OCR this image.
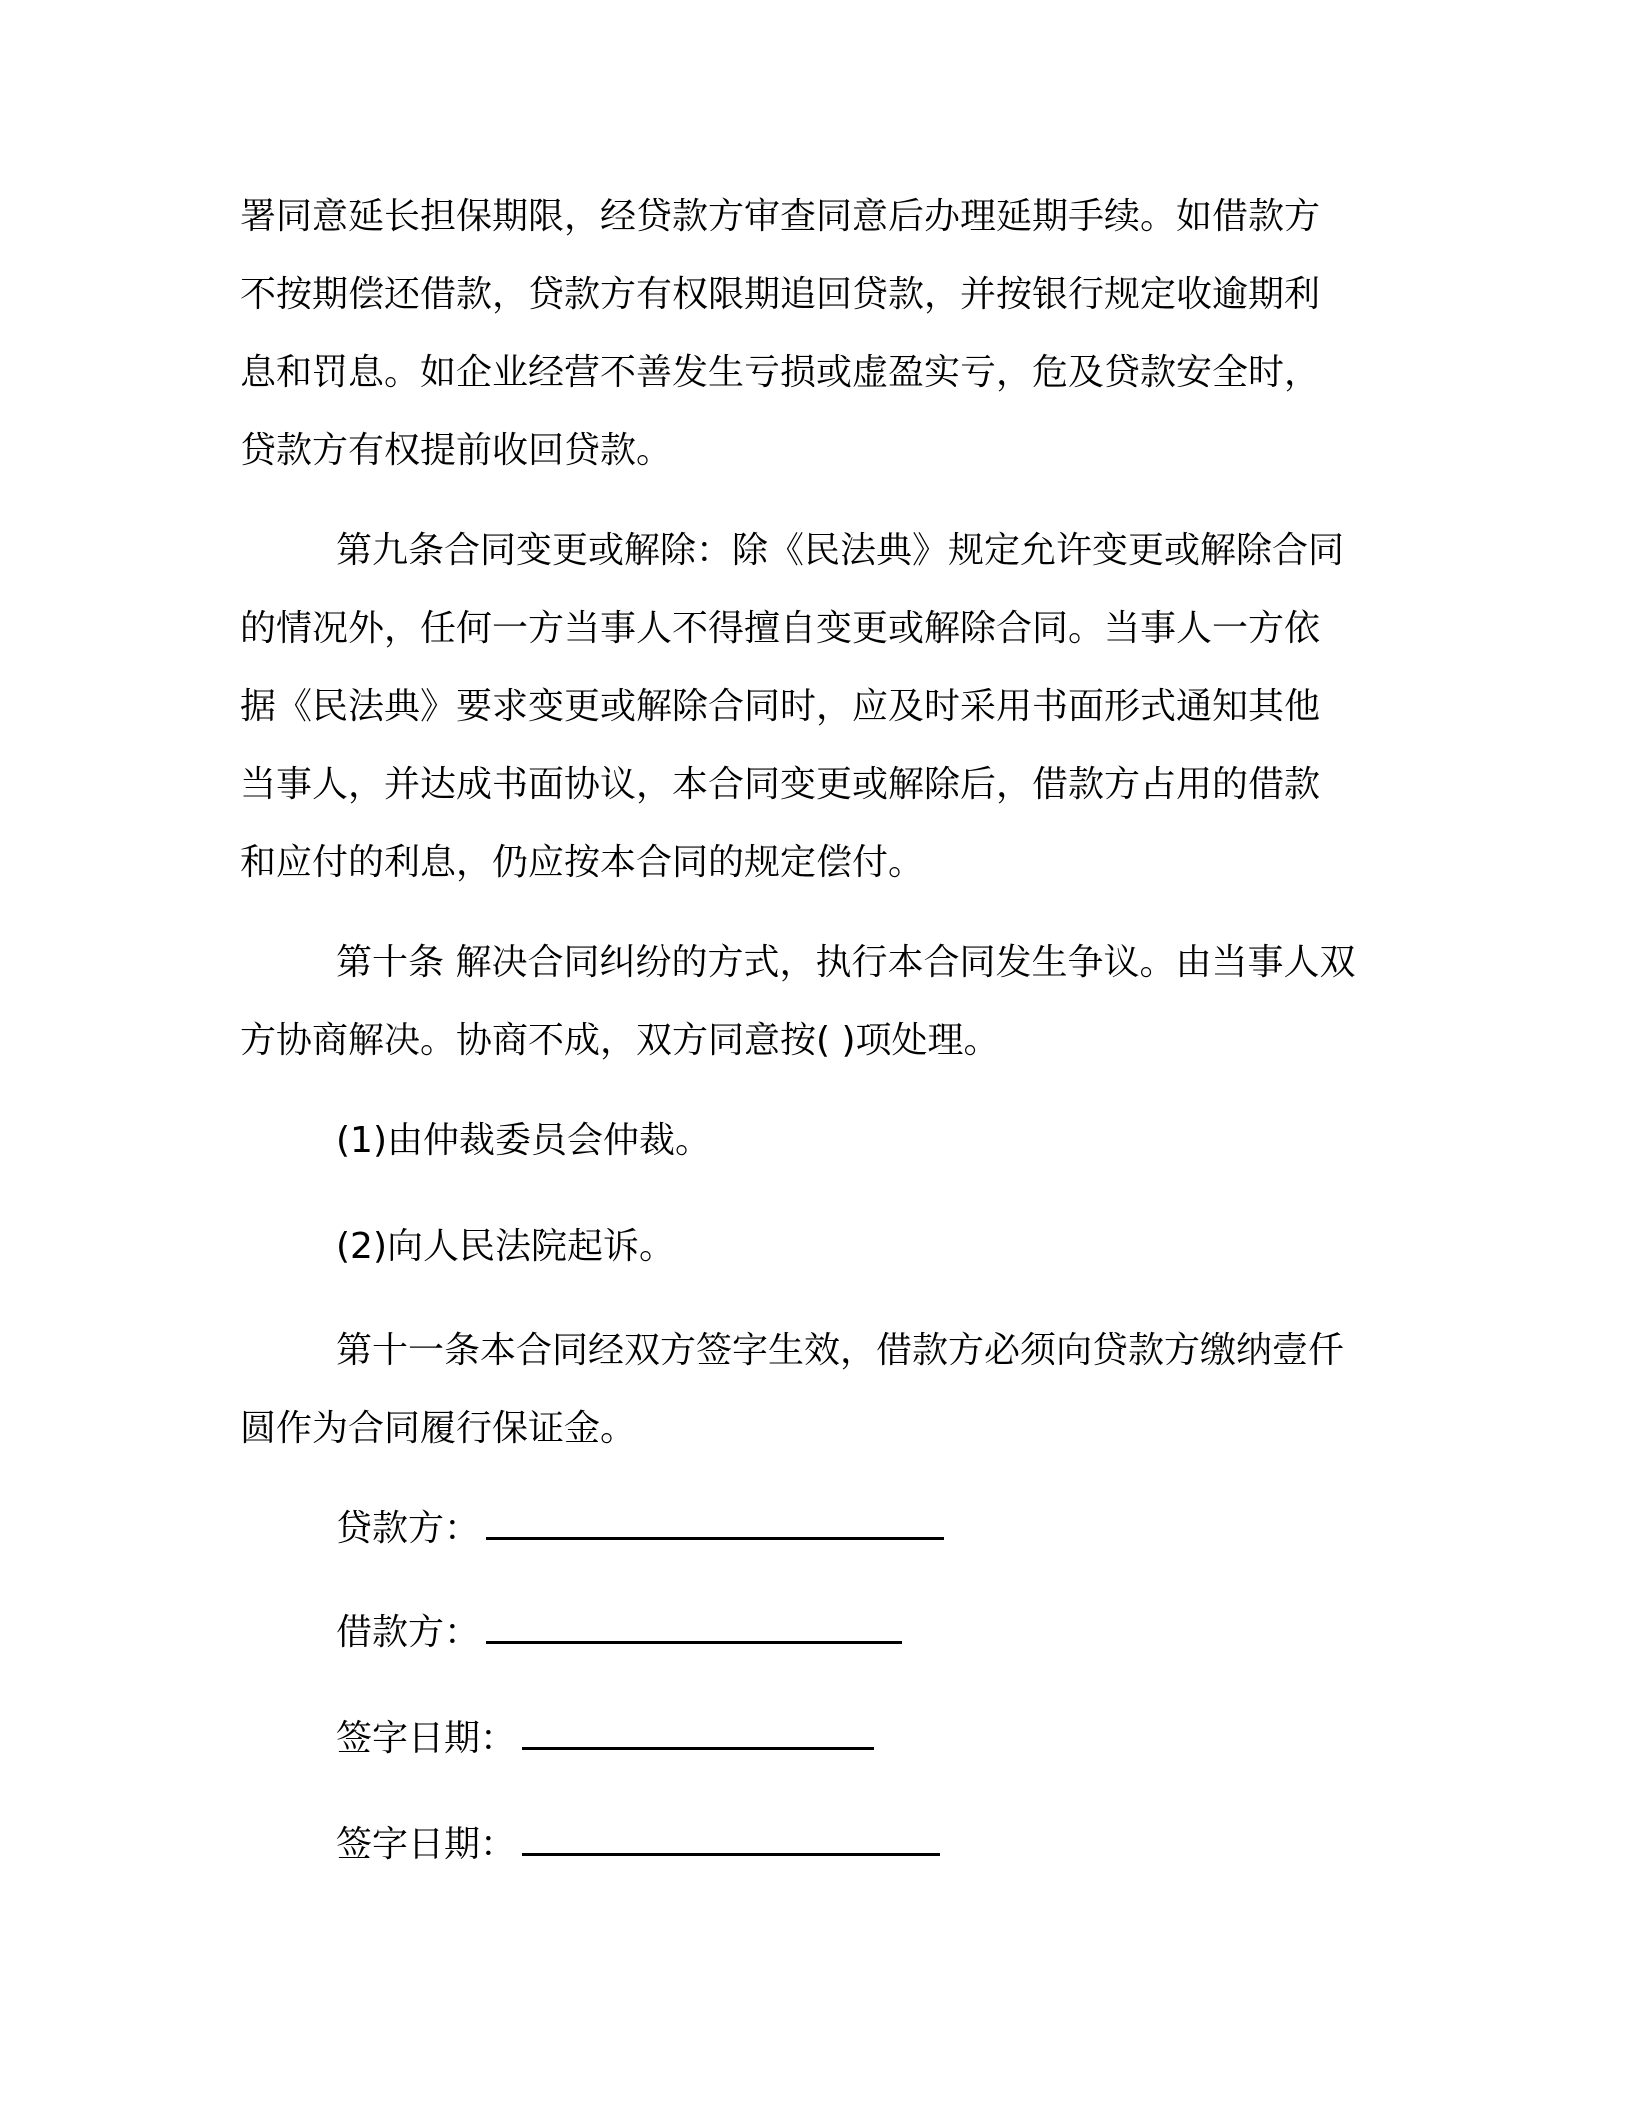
署同意延长担保期限，经贷款方审查同意后办理延期手续。如借款方
不按期偿还借款，贷款方有权限期追回贷款，并按银行规定收逾期利
息和罚息。如企业经营不善发生亏损或虚盈实亏，危及贷款安全时，
贷款方有权提前收回贷款。
第九条合同变更或解除：除《民法典》规定允许变更或解除合同
的情况外，任何一方当事人不得擅自变更或解除合同。当事人一方依
据《民法典》要求变更或解除合同时，应及时采用书面形式通知其他
当事人，并达成书面协议，本合同变更或解除后，借款方占用的借款
和应付的利息，仍应按本合同的规定偿付。
第十条 解决合同纠纷的方式，执行本合同发生争议。由当事人双
方协商解决。协商不成，双方同意按( )项处理。
(1)由仲裁委员会仲裁。
(2)向人民法院起诉。
第十一条本合同经双方签字生效，借款方必须向贷款方缴纳壹仟
圆作为合同履行保证金。
贷款方：
借款方：
签字日期：
签字日期：
